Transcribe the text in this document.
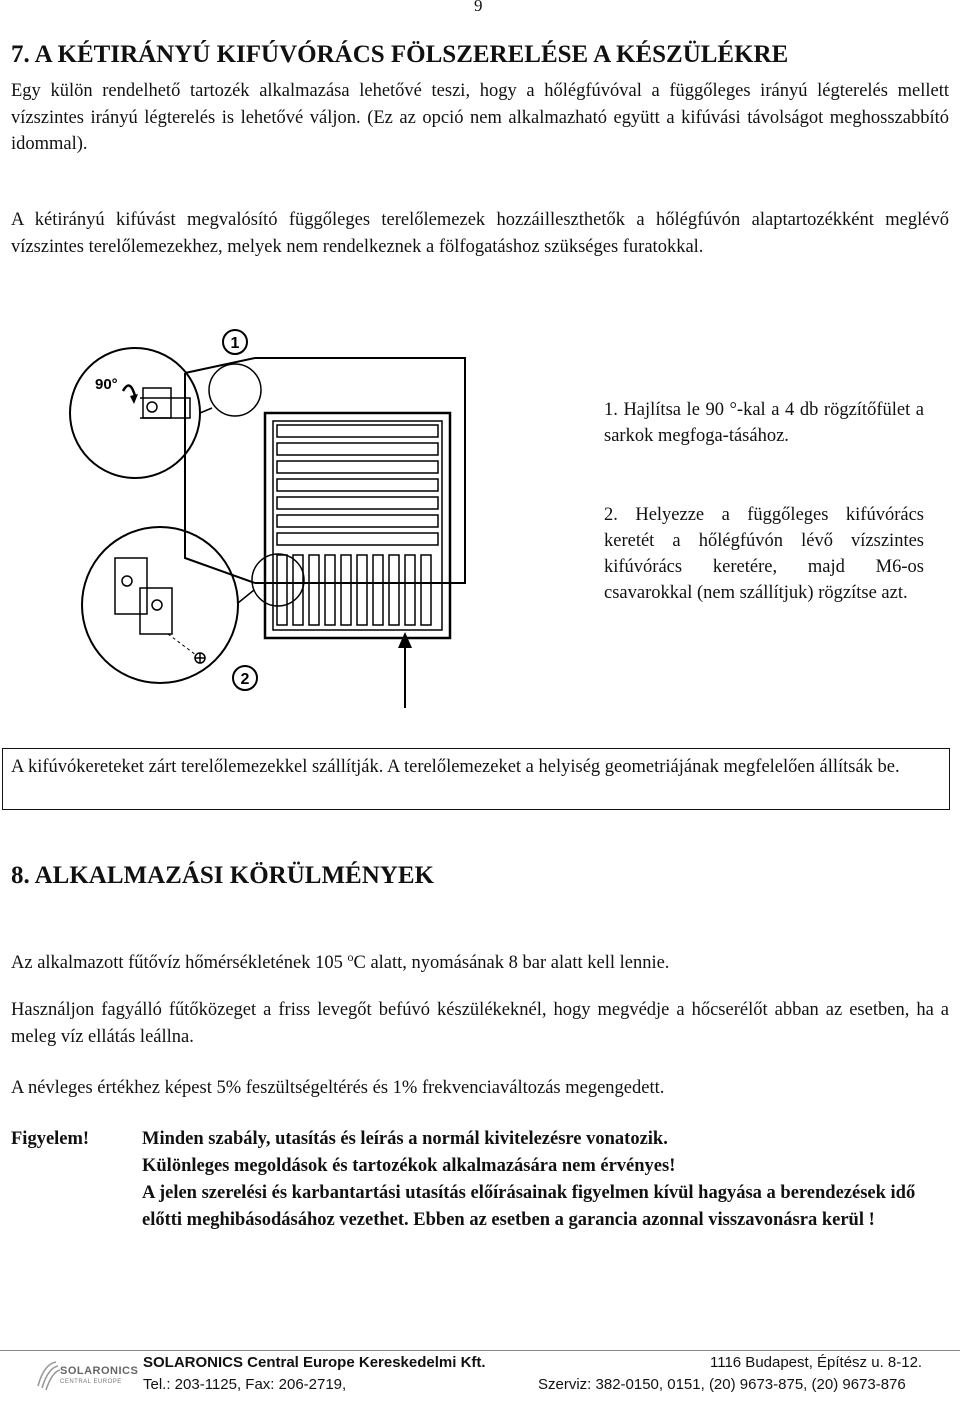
9
7. A KÉTIRÁNYÚ KIFÚVÓRÁCS FÖLSZERELÉSE A KÉSZÜLÉKRE

Egy külön rendelhető tartozék alkalmazása lehetővé teszi, hogy a hőlégfúvóval a függőleges irányú légterelés mellett vízszintes irányú légterelés is lehetővé váljon. (Ez az opció nem alkalmazható együtt a kifúvási távolságot meghosszabbító idommal).

A kétirányú kifúvást megvalósító függőleges terelőlemezek hozzáilleszthetők a hőlégfúvón alaptartozékként meglévő vízszintes terelőlemezekhez, melyek nem rendelkeznek a fölfogatáshoz szükséges furatokkal.

1
2
90°

1. Hajlítsa le 90 °-kal a 4 db rögzítőfület a sarkok megfoga-tásához.

2. Helyezze a függőleges kifúvórács keretét a hőlégfúvón lévő vízszintes kifúvórács keretére, majd M6-os csavarokkal (nem szállítjuk) rögzítse azt.

A kifúvókereteket zárt terelőlemezekkel szállítják. A terelőlemezeket a helyiség geometriájának megfelelően állítsák be.
8. ALKALMAZÁSI KÖRÜLMÉNYEK

Az alkalmazott fűtővíz hőmérsékletének 105 $^o$C alatt, nyomásának 8 bar alatt kell lennie.

Használjon fagyálló fűtőközeget a friss levegőt befúvó készülékeknél, hogy megvédje a hőcserélőt abban az esetben, ha a meleg víz ellátás leállna.

A névleges értékhez képest 5% feszültségeltérés és 1% frekvenciaváltozás megengedett.

Figyelem!	Minden szabály, utasítás és leírás a normál kivitelezésre vonatozik.
Különleges megoldások és tartozékok alkalmazására nem érvényes!
A jelen szerelési és karbantartási utasítás előírásainak figyelmen kívül hagyása a berendezések idő előtti meghibásodásához vezethet. Ebben az esetben a garancia azonnal visszavonásra kerül !
SOLARONICS
CENTRAL EUROPE
SOLARONICS Central Europe Kereskedelmi Kft.	1116 Budapest, Építész u. 8-12.
Tel.: 203-1125, Fax: 206-2719,	Szerviz: 382-0150, 0151, (20) 9673-875, (20) 9673-876
